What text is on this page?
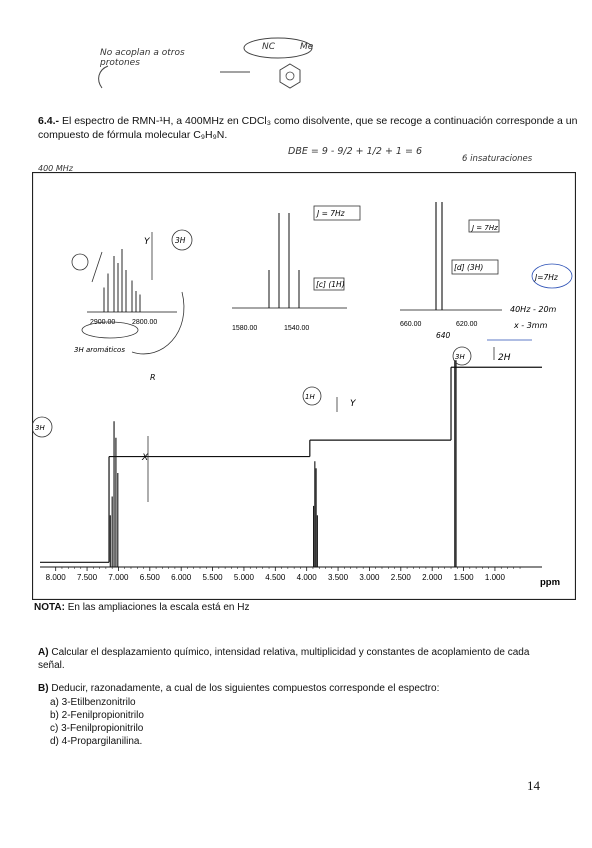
No acoplan a otros protones
NC	Me
6.4.- El espectro de RMN-¹H, a 400MHz en CDCl₃ como disolvente, que se recoge a continuación corresponde a un compuesto de fórmula molecular C₉H₉N.
DBE = 9 - 9/2 + 1/2 + 1 = 6
6 insaturaciones
400 MHz
8.000 7.500 7.000 6.500 6.000 5.500 5.000 4.500 4.000 3.500 3.000 2.500 2.000 1.500 1.000	ppm
2900.00 2800.00
1580.00	1540.00
660.00	620.00
X
Y
Y
2H
3H
3H
1H
3H
3H aromáticos
R
J = 7Hz
[c] (1H)
J = 7Hz
[d] (3H)
J=7Hz
40Hz - 20m
x - 3mm
640
NOTA: En las ampliaciones la escala está en Hz
A) Calcular el desplazamiento químico, intensidad relativa, multiplicidad y constantes de acoplamiento de cada señal.
B) Deducir, razonadamente, a cual de los siguientes compuestos corresponde el espectro:
a) 3-Etilbenzonitrilo
b) 2-Fenilpropionitrilo
c) 3-Fenilpropionitrilo
d) 4-Propargilanilina.
14
